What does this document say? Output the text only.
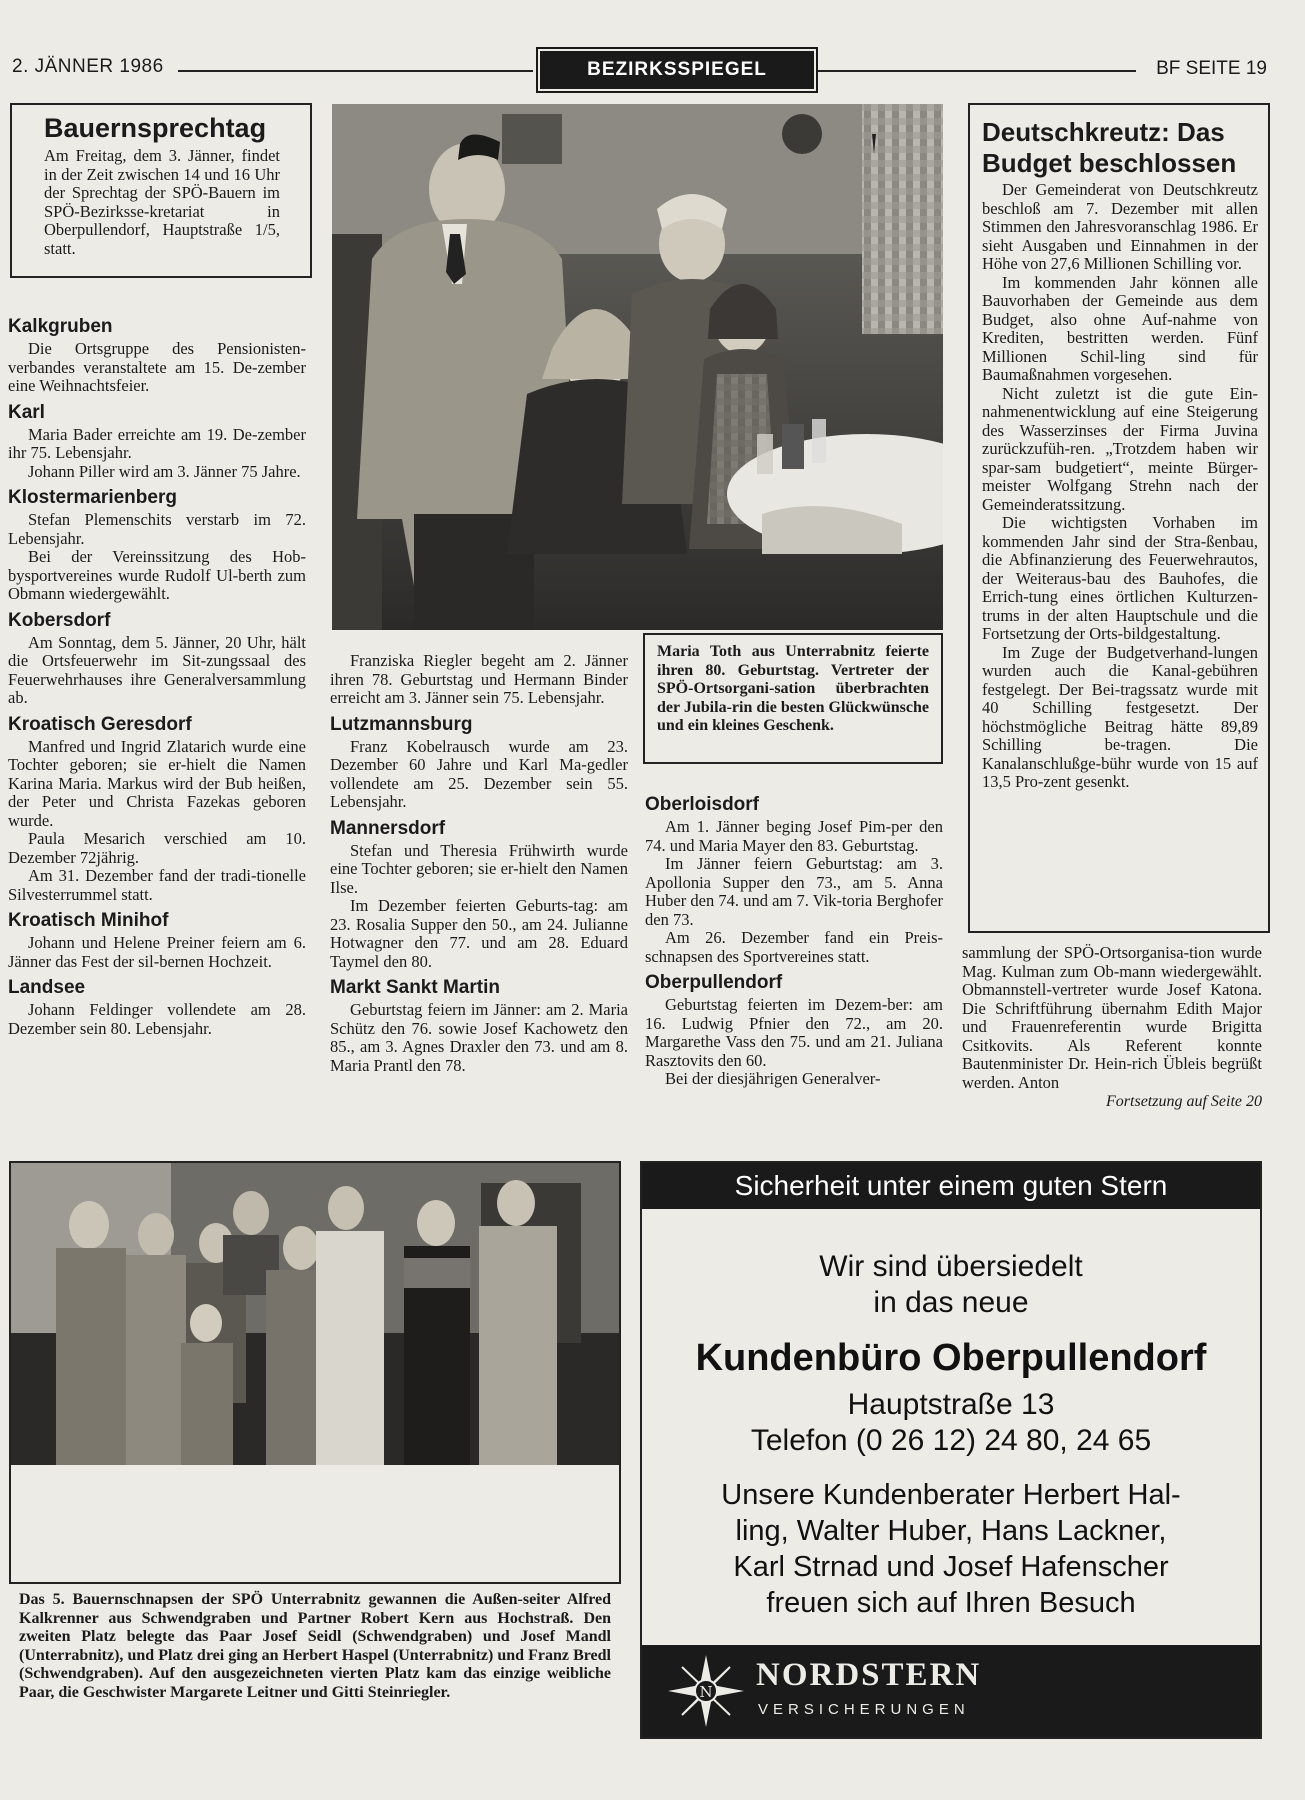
2. JÄNNER 1986	BEZIRKSSPIEGEL	BF SEITE 19
Bauernsprechtag

Am Freitag, dem 3. Jänner, findet in der Zeit zwischen 14 und 16 Uhr der Sprechtag der SPÖ-Bauern im SPÖ-Bezirksse-kretariat in Oberpullendorf, Hauptstraße 1/5, statt.

Kalkgruben

Die Ortsgruppe des Pensionisten-verbandes veranstaltete am 15. De-zember eine Weihnachtsfeier.

Karl

Maria Bader erreichte am 19. De-zember ihr 75. Lebensjahr.

Johann Piller wird am 3. Jänner 75 Jahre.

Klostermarienberg

Stefan Plemenschits verstarb im 72. Lebensjahr.

Bei der Vereinssitzung des Hob-bysportvereines wurde Rudolf Ul-berth zum Obmann wiedergewählt.

Kobersdorf

Am Sonntag, dem 5. Jänner, 20 Uhr, hält die Ortsfeuerwehr im Sit-zungssaal des Feuerwehrhauses ihre Generalversammlung ab.

Kroatisch Geresdorf

Manfred und Ingrid Zlatarich wurde eine Tochter geboren; sie er-hielt die Namen Karina Maria. Markus wird der Bub heißen, der Peter und Christa Fazekas geboren wurde.

Paula Mesarich verschied am 10. Dezember 72jährig.

Am 31. Dezember fand der tradi-tionelle Silvesterrummel statt.

Kroatisch Minihof

Johann und Helene Preiner feiern am 6. Jänner das Fest der sil-bernen Hochzeit.

Landsee

Johann Feldinger vollendete am 28. Dezember sein 80. Lebensjahr.

Maria Toth aus Unterrabnitz feierte ihren 80. Geburtstag. Vertreter der SPÖ-Ortsorgani-sation überbrachten der Jubila-rin die besten Glückwünsche und ein kleines Geschenk.

Franziska Riegler begeht am 2. Jänner ihren 78. Geburtstag und Hermann Binder erreicht am 3. Jänner sein 75. Lebensjahr.

Lutzmannsburg

Franz Kobelrausch wurde am 23. Dezember 60 Jahre und Karl Ma-gedler vollendete am 25. Dezember sein 55. Lebensjahr.

Mannersdorf

Stefan und Theresia Frühwirth wurde eine Tochter geboren; sie er-hielt den Namen Ilse.

Im Dezember feierten Geburts-tag: am 23. Rosalia Supper den 50., am 24. Julianne Hotwagner den 77. und am 28. Eduard Taymel den 80.

Markt Sankt Martin

Geburtstag feiern im Jänner: am 2. Maria Schütz den 76. sowie Josef Kachowetz den 85., am 3. Agnes Draxler den 73. und am 8. Maria Prantl den 78.

Oberloisdorf

Am 1. Jänner beging Josef Pim-per den 74. und Maria Mayer den 83. Geburtstag.

Im Jänner feiern Geburtstag: am 3. Apollonia Supper den 73., am 5. Anna Huber den 74. und am 7. Vik-toria Berghofer den 73.

Am 26. Dezember fand ein Preis-schnapsen des Sportvereines statt.

Oberpullendorf

Geburtstag feierten im Dezem-ber: am 16. Ludwig Pfnier den 72., am 20. Margarethe Vass den 75. und am 21. Juliana Rasztovits den 60.

Bei der diesjährigen Generalver-

Deutschkreutz: Das Budget beschlossen

Der Gemeinderat von Deutschkreutz beschloß am 7. Dezember mit allen Stimmen den Jahresvoranschlag 1986. Er sieht Ausgaben und Einnahmen in der Höhe von 27,6 Millionen Schilling vor.

Im kommenden Jahr können alle Bauvorhaben der Gemeinde aus dem Budget, also ohne Auf-nahme von Krediten, bestritten werden. Fünf Millionen Schil-ling sind für Baumaßnahmen vorgesehen.

Nicht zuletzt ist die gute Ein-nahmenentwicklung auf eine Steigerung des Wasserzinses der Firma Juvina zurückzufüh-ren. „Trotzdem haben wir spar-sam budgetiert“, meinte Bürger-meister Wolfgang Strehn nach der Gemeinderatssitzung.

Die wichtigsten Vorhaben im kommenden Jahr sind der Stra-ßenbau, die Abfinanzierung des Feuerwehrautos, der Weiteraus-bau des Bauhofes, die Errich-tung eines örtlichen Kulturzen-trums in der alten Hauptschule und die Fortsetzung der Orts-bildgestaltung.

Im Zuge der Budgetverhand-lungen wurden auch die Kanal-gebühren festgelegt. Der Bei-tragssatz wurde mit 40 Schilling festgesetzt. Der höchstmögliche Beitrag hätte 89,89 Schilling be-tragen. Die Kanalanschlußge-bühr wurde von 15 auf 13,5 Pro-zent gesenkt.

sammlung der SPÖ-Ortsorganisa-tion wurde Mag. Kulman zum Ob-mann wiedergewählt. Obmannstell-vertreter wurde Josef Katona. Die Schriftführung übernahm Edith Major und Frauenreferentin wurde Brigitta Csitkovits. Als Referent konnte Bautenminister Dr. Hein-rich Übleis begrüßt werden. Anton

Fortsetzung auf Seite 20
Das 5. Bauernschnapsen der SPÖ Unterrabnitz gewannen die Außen-seiter Alfred Kalkrenner aus Schwendgraben und Partner Robert Kern aus Hochstraß. Den zweiten Platz belegte das Paar Josef Seidl (Schwendgraben) und Josef Mandl (Unterrabnitz), und Platz drei ging an Herbert Haspel (Unterrabnitz) und Franz Bredl (Schwendgraben). Auf den ausgezeichneten vierten Platz kam das einzige weibliche Paar, die Geschwister Margarete Leitner und Gitti Steinriegler.
Sicherheit unter einem guten Stern
Wir sind übersiedelt
in das neue
Kundenbüro Oberpullendorf
Hauptstraße 13
Telefon (0 26 12) 24 80, 24 65
Unsere Kundenberater Herbert Hal-
ling, Walter Huber, Hans Lackner,
Karl Strnad und Josef Hafenscher
freuen sich auf Ihren Besuch
N NORDSTERN
VERSICHERUNGEN
